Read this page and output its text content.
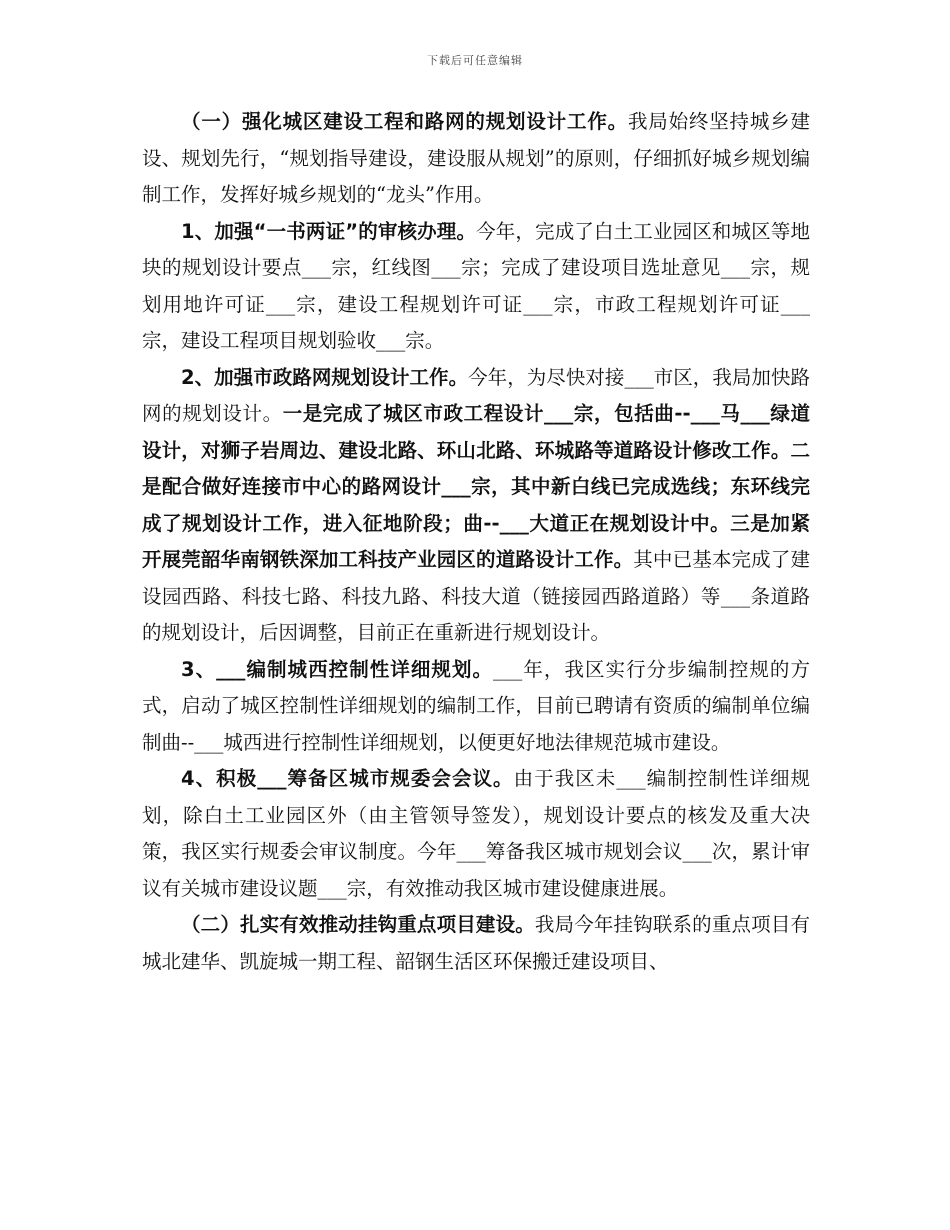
下载后可任意编辑

（一）强化城区建设工程和路网的规划设计工作。我局始终坚持城乡建设、规划先行，“规划指导建设，建设服从规划”的原则，仔细抓好城乡规划编制工作，发挥好城乡规划的“龙头”作用。

1、加强“一书两证”的审核办理。今年，完成了白土工业园区和城区等地块的规划设计要点___宗，红线图___宗；完成了建设项目选址意见___宗，规划用地许可证___宗，建设工程规划许可证___宗，市政工程规划许可证___宗，建设工程项目规划验收___宗。

2、加强市政路网规划设计工作。今年，为尽快对接___市区，我局加快路网的规划设计。一是完成了城区市政工程设计___宗，包括曲--___马___绿道设计，对狮子岩周边、建设北路、环山北路、环城路等道路设计修改工作。二是配合做好连接市中心的路网设计___宗，其中新白线已完成选线；东环线完成了规划设计工作，进入征地阶段；曲--___大道正在规划设计中。三是加紧开展莞韶华南钢铁深加工科技产业园区的道路设计工作。其中已基本完成了建设园西路、科技七路、科技九路、科技大道（链接园西路道路）等___条道路的规划设计，后因调整，目前正在重新进行规划设计。

3、___编制城西控制性详细规划。___年，我区实行分步编制控规的方式，启动了城区控制性详细规划的编制工作，目前已聘请有资质的编制单位编制曲--___城西进行控制性详细规划，以便更好地法律规范城市建设。

4、积极___筹备区城市规委会会议。由于我区未___编制控制性详细规划，除白土工业园区外（由主管领导签发），规划设计要点的核发及重大决策，我区实行规委会审议制度。今年___筹备我区城市规划会议___次，累计审议有关城市建设议题___宗，有效推动我区城市建设健康进展。

（二）扎实有效推动挂钩重点项目建设。我局今年挂钩联系的重点项目有城北建华、凯旋城一期工程、韶钢生活区环保搬迁建设项目、
